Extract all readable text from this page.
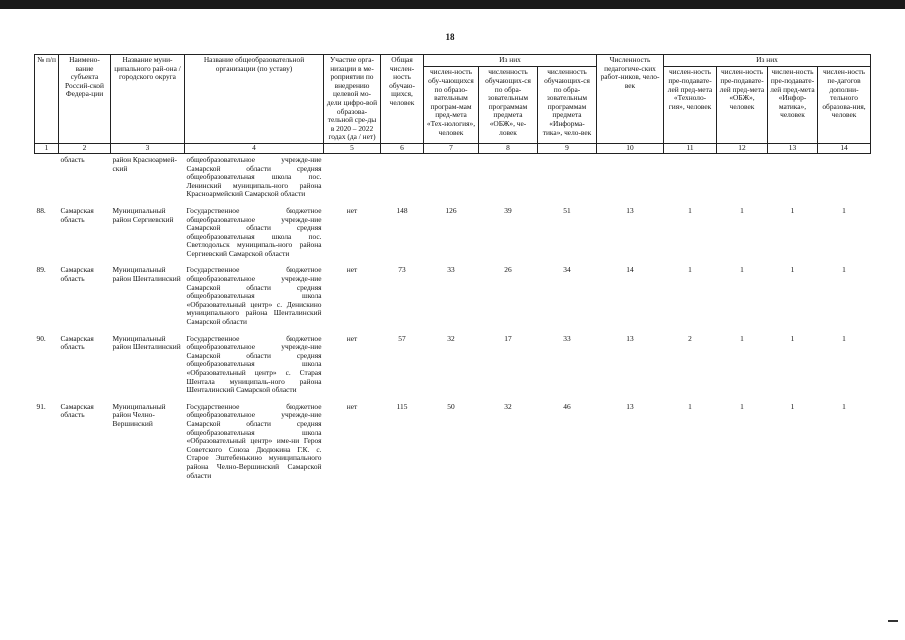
18
№ п/п	Наимено-вание субъекта Россий-ской Федера-ции	Название муни-ципального рай-она / городского округа	Название общеобразовательной организации (по уставу)	Участие орга-низации в ме-роприятии по внедрению целевой мо-дели цифро-вой образова-тельной сре-ды в 2020 – 2022 годах (да / нет)	Общая числен-ность обучаю-щихся, человек	Из них			Численность педагогиче-ских работ-ников, чело-век	Из них			
						числен-ность обу-чающихся по образо-вательным програм-мам пред-мета «Тех-нология», человек	численность обучающих-ся по обра-зовательным программам предмета «ОБЖ», че-ловек	численность обучающих-ся по обра-зовательным программам предмета «Информа-тика», чело-век		числен-ность пре-подавате-лей пред-мета «Техноло-гия», человек	числен-ность пре-подавате-лей пред-мета «ОБЖ», человек	числен-ность пре-подавате-лей пред-мета «Инфор-матика», человек	числен-ность пе-дагогов дополни-тельного образова-ния, человек
1	2	3	4	5	6	7	8	9	10	11	12	13	14
	область	район Красноармей-ский	общеобразовательное учрежде-ние Самарской области средняя общеобразовательная школа пос. Ленинский муниципаль-ного района Красноармейский Самарской области										
88.	Самарская область	Муниципальный район Сергиевский	Государственное бюджетное общеобразовательное учрежде-ние Самарской области средняя общеобразовательная школа пос. Светлодольск муниципаль-ного района Сергиевский Самарской области	нет	148	126	39	51	13	1	1	1	1
89.	Самарская область	Муниципальный район Шенталинский	Государственное бюджетное общеобразовательное учрежде-ние Самарской области средняя общеобразовательная школа «Образовательный центр» с. Денискино муниципального района Шенталинский Самарской области	нет	73	33	26	34	14	1	1	1	1
90.	Самарская область	Муниципальный район Шенталинский	Государственное бюджетное общеобразовательное учрежде-ние Самарской области средняя общеобразовательная школа «Образовательный центр» с. Старая Шентала муниципаль-ного района Шенталинский Самарской области	нет	57	32	17	33	13	2	1	1	1
91.	Самарская область	Муниципальный район Челно-Вершинский	Государственное бюджетное общеобразовательное учрежде-ние Самарской области средняя общеобразовательная школа «Образовательный центр» име-ни Героя Советского Союза Дюдюкина Г.К. с. Старое Эштебенькино муниципального района Челно-Вершинский Самарской области	нет	115	50	32	46	13	1	1	1	1
